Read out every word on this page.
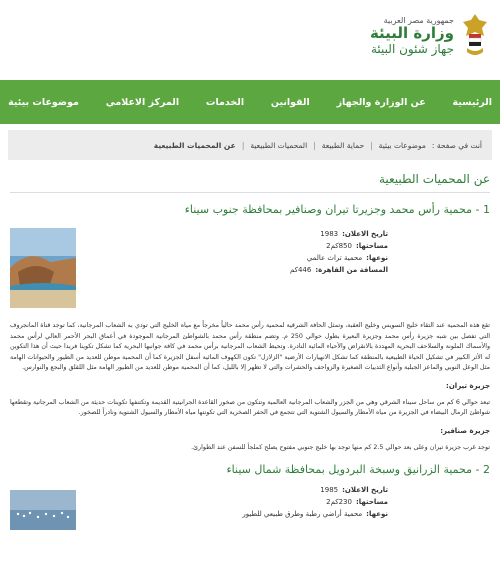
جمهورية مصر العربية
وزارة البيئة
جهاز شئون البيئة
الرئيسية
عن الوزارة والجهاز
القوانين
الخدمات
المركز الاعلامي
موضوعات بيئية
أنت في صفحة :
موضوعات بيئية
|
حماية الطبيعة
|
المحميات الطبيعية
|
عن المحميات الطبيعية
عن المحميات الطبيعية
1 - محمية رأس محمد وجزيرتا تيران وصنافير بمحافظة جنوب سيناء
تاريخ الاعلان:
1983
مساحتها:
850كم2
نوعها:
محمية تراث عالمي
المسافة من القاهرة:
446كم

تقع هذه المحمية عند التقاء خليج السويس وخليج العقبة، وتمثل الحافة الشرقية لمحمية رأس محمد حالياً مخرجاً مع مياه الخليج التي تودي به الشعاب المرجانية، كما توجد قناة المانجروف التي تفصل بين شبه جزيرة رأس محمد وجزيرة البعيرة بطول حوالي 250 م. وتضم منطقة رأس محمد بالشواطئ المرجانية الموجودة في أعماق البحر الأحمر العالي لرأس محمد والأسماك الملونة والسلاحف البحرية المهددة بالانقراض والأحياء المائية النادرة. وتحيط الشعاب المرجانية برأس محمد في كافة جوانبها البحرية كما تشكل تكوينا فريدا حيث أن هذا التكوين له الأثر الكبير في تشكيل الحياة الطبيعية بالمنطقة كما تشكل الانهيارات الأرضية "الزلازل" تكون الكهوف المائية أسفل الجزيرة كما أن المحمية موطن للعديد من الطيور والحيوانات الهامة مثل الوعل النوبي والماعز الجبلية وأنواع الثدييات الصغيرة والزواحف والحشرات والتي لا تظهر إلا بالليل، كما أن المحمية موطن للعديد من الطيور الهامة مثل اللقلق والبجع والنوارس.

جزيرة تيران:

تبعد حوالي 6 كم من ساحل سيناء الشرقي وهي من الجزر والشعاب المرجانية العالمية وتتكون من صخور القاعدة الجرانيتية القديمة وتكتنفها تكوينات حديثة من الشعاب المرجانية وتقطعها شواطئ الرمال البيضاء في الجزيرة من مياه الأمطار والسيول الشتوية التي تتجمع في الحفر الصخرية التي تكونتها مياه الأمطار والسيول الشتوية ونادراً للصخور.

جزيرة صنافير:

توجد غرب جزيرة تيران وعلى بعد حوالي 2.5 كم منها توجد بها خليج جنوبي مفتوح يصلح كملجأ للسفن عند الطوارئ.

2 - محمية الزرانيق وسبخة البردويل بمحافظة شمال سيناء
تاريخ الاعلان:
1985
مساحتها:
230كم2
نوعها:
محمية أراضي رطبة وطرق طبيعي للطيور
